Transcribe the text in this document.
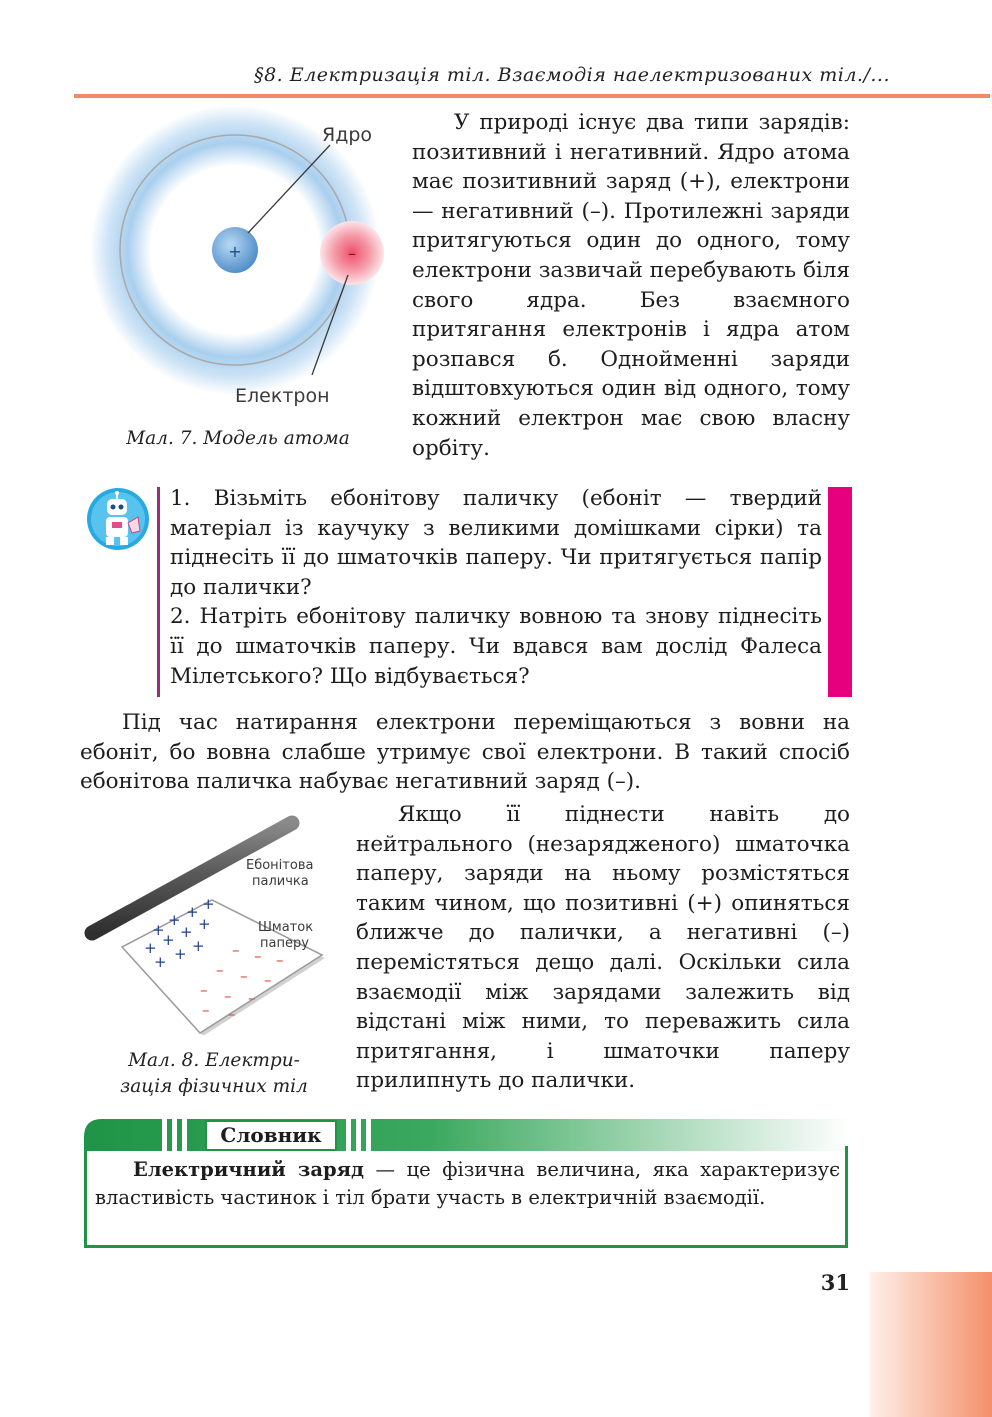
§8. Електризація тіл. Взаємодія наелектризованих тіл./...
+	–
Ядро
Електрон
Мал. 7. Модель атома

У природі існує два типи зарядів: позитивний і негативний. Ядро атома має позитивний заряд (+), електрони — негативний (–). Протилежні заряди притягуються один до одного, тому електрони зазвичай перебувають біля свого ядра. Без взаємного притягання електронів і ядра атом розпався б. Однойменні заряди відштовхуються один від одного, тому кожний електрон має свою власну орбіту.

1. Візьміть ебонітову паличку (ебоніт — твердий матеріал із каучуку з великими домішками сірки) та піднесіть її до шматочків паперу. Чи притягується папір до палички?

2. Натріть ебонітову паличку вовною та знову піднесіть її до шматочків паперу. Чи вдався вам дослід Фалеса Мілетського? Що відбувається?

Під час натирання електрони переміщаються з вовни на ебоніт, бо вовна слабше утримує свої електрони. В такий спосіб ебонітова паличка набуває негативний заряд (–).

+
+ + +
+ + + +
+ + + – – –
– – –
– – –
– –
Ебонітова
паличка
Шматок
паперу
Мал. 8. Електри-
зація фізичних тіл

Якщо її піднести навіть до нейтрального (незарядженого) шматочка паперу, заряди на ньому розмістяться таким чином, що позитивні (+) опиняться ближче до палички, а негативні (–) перемістяться дещо далі. Оскільки сила взаємодії між зарядами залежить від відстані між ними, то переважить сила притягання, і шматочки паперу прилипнуть до палички.

Словник

Електричний заряд — це фізична величина, яка характеризує властивість частинок і тіл брати участь в електричній взаємодії.

31
